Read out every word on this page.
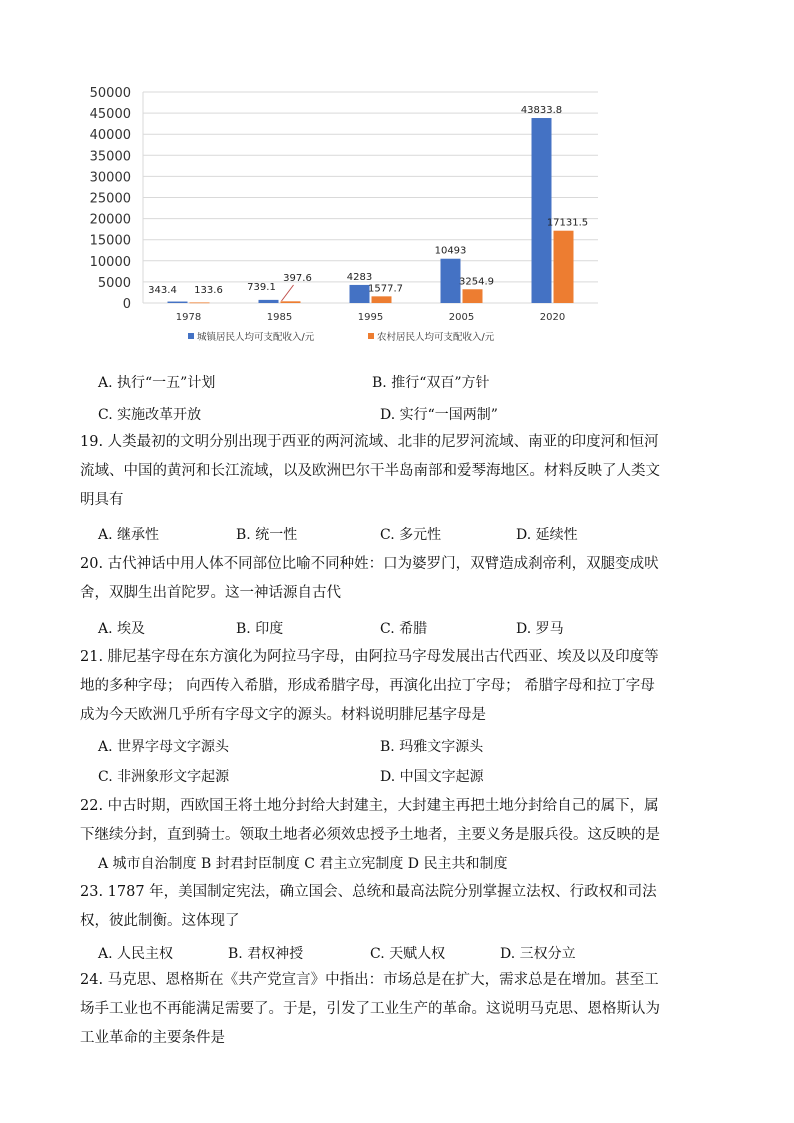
0
5000
10000
15000
20000
25000
30000
35000
40000
45000
50000
1978	1985	1995	2005	2020
343.4 133.6 739.1
397.6	4283
1577.7
10493
3254.9
43833.8
17131.5
城镇居民人均可支配收入/元	农村居民人均可支配收入/元
A. 执行“一五”计划	B. 推行“双百”方针
C. 实施改革开放	D. 实行“一国两制”

19. 人类最初的文明分别出现于西亚的两河流域、北非的尼罗河流域、南亚的印度河和恒河

流域、中国的黄河和长江流域，以及欧洲巴尔干半岛南部和爱琴海地区。材料反映了人类文

明具有

A. 继承性	B. 统一性	C. 多元性	D. 延续性

20. 古代神话中用人体不同部位比喻不同种姓：口为婆罗门，双臂造成刹帝利，双腿变成吠

舍，双脚生出首陀罗。这一神话源自古代

A. 埃及	B. 印度	C. 希腊	D. 罗马

21. 腓尼基字母在东方演化为阿拉马字母，由阿拉马字母发展出古代西亚、埃及以及印度等

地的多种字母； 向西传入希腊，形成希腊字母，再演化出拉丁字母； 希腊字母和拉丁字母

成为今天欧洲几乎所有字母文字的源头。材料说明腓尼基字母是

A. 世界字母文字源头	B. 玛雅文字源头
C. 非洲象形文字起源	D. 中国文字起源

22. 中古时期，西欧国王将土地分封给大封建主，大封建主再把土地分封给自己的属下，属

下继续分封，直到骑士。领取土地者必须效忠授予土地者，主要义务是服兵役。这反映的是

A 城市自治制度 B 封君封臣制度 C 君主立宪制度 D 民主共和制度

23. 1787 年，美国制定宪法，确立国会、总统和最高法院分别掌握立法权、行政权和司法

权，彼此制衡。这体现了

A. 人民主权	B. 君权神授	C. 天赋人权	D. 三权分立

24. 马克思、恩格斯在《共产党宣言》中指出：市场总是在扩大，需求总是在增加。甚至工

场手工业也不再能满足需要了。于是，引发了工业生产的革命。这说明马克思、恩格斯认为

工业革命的主要条件是
